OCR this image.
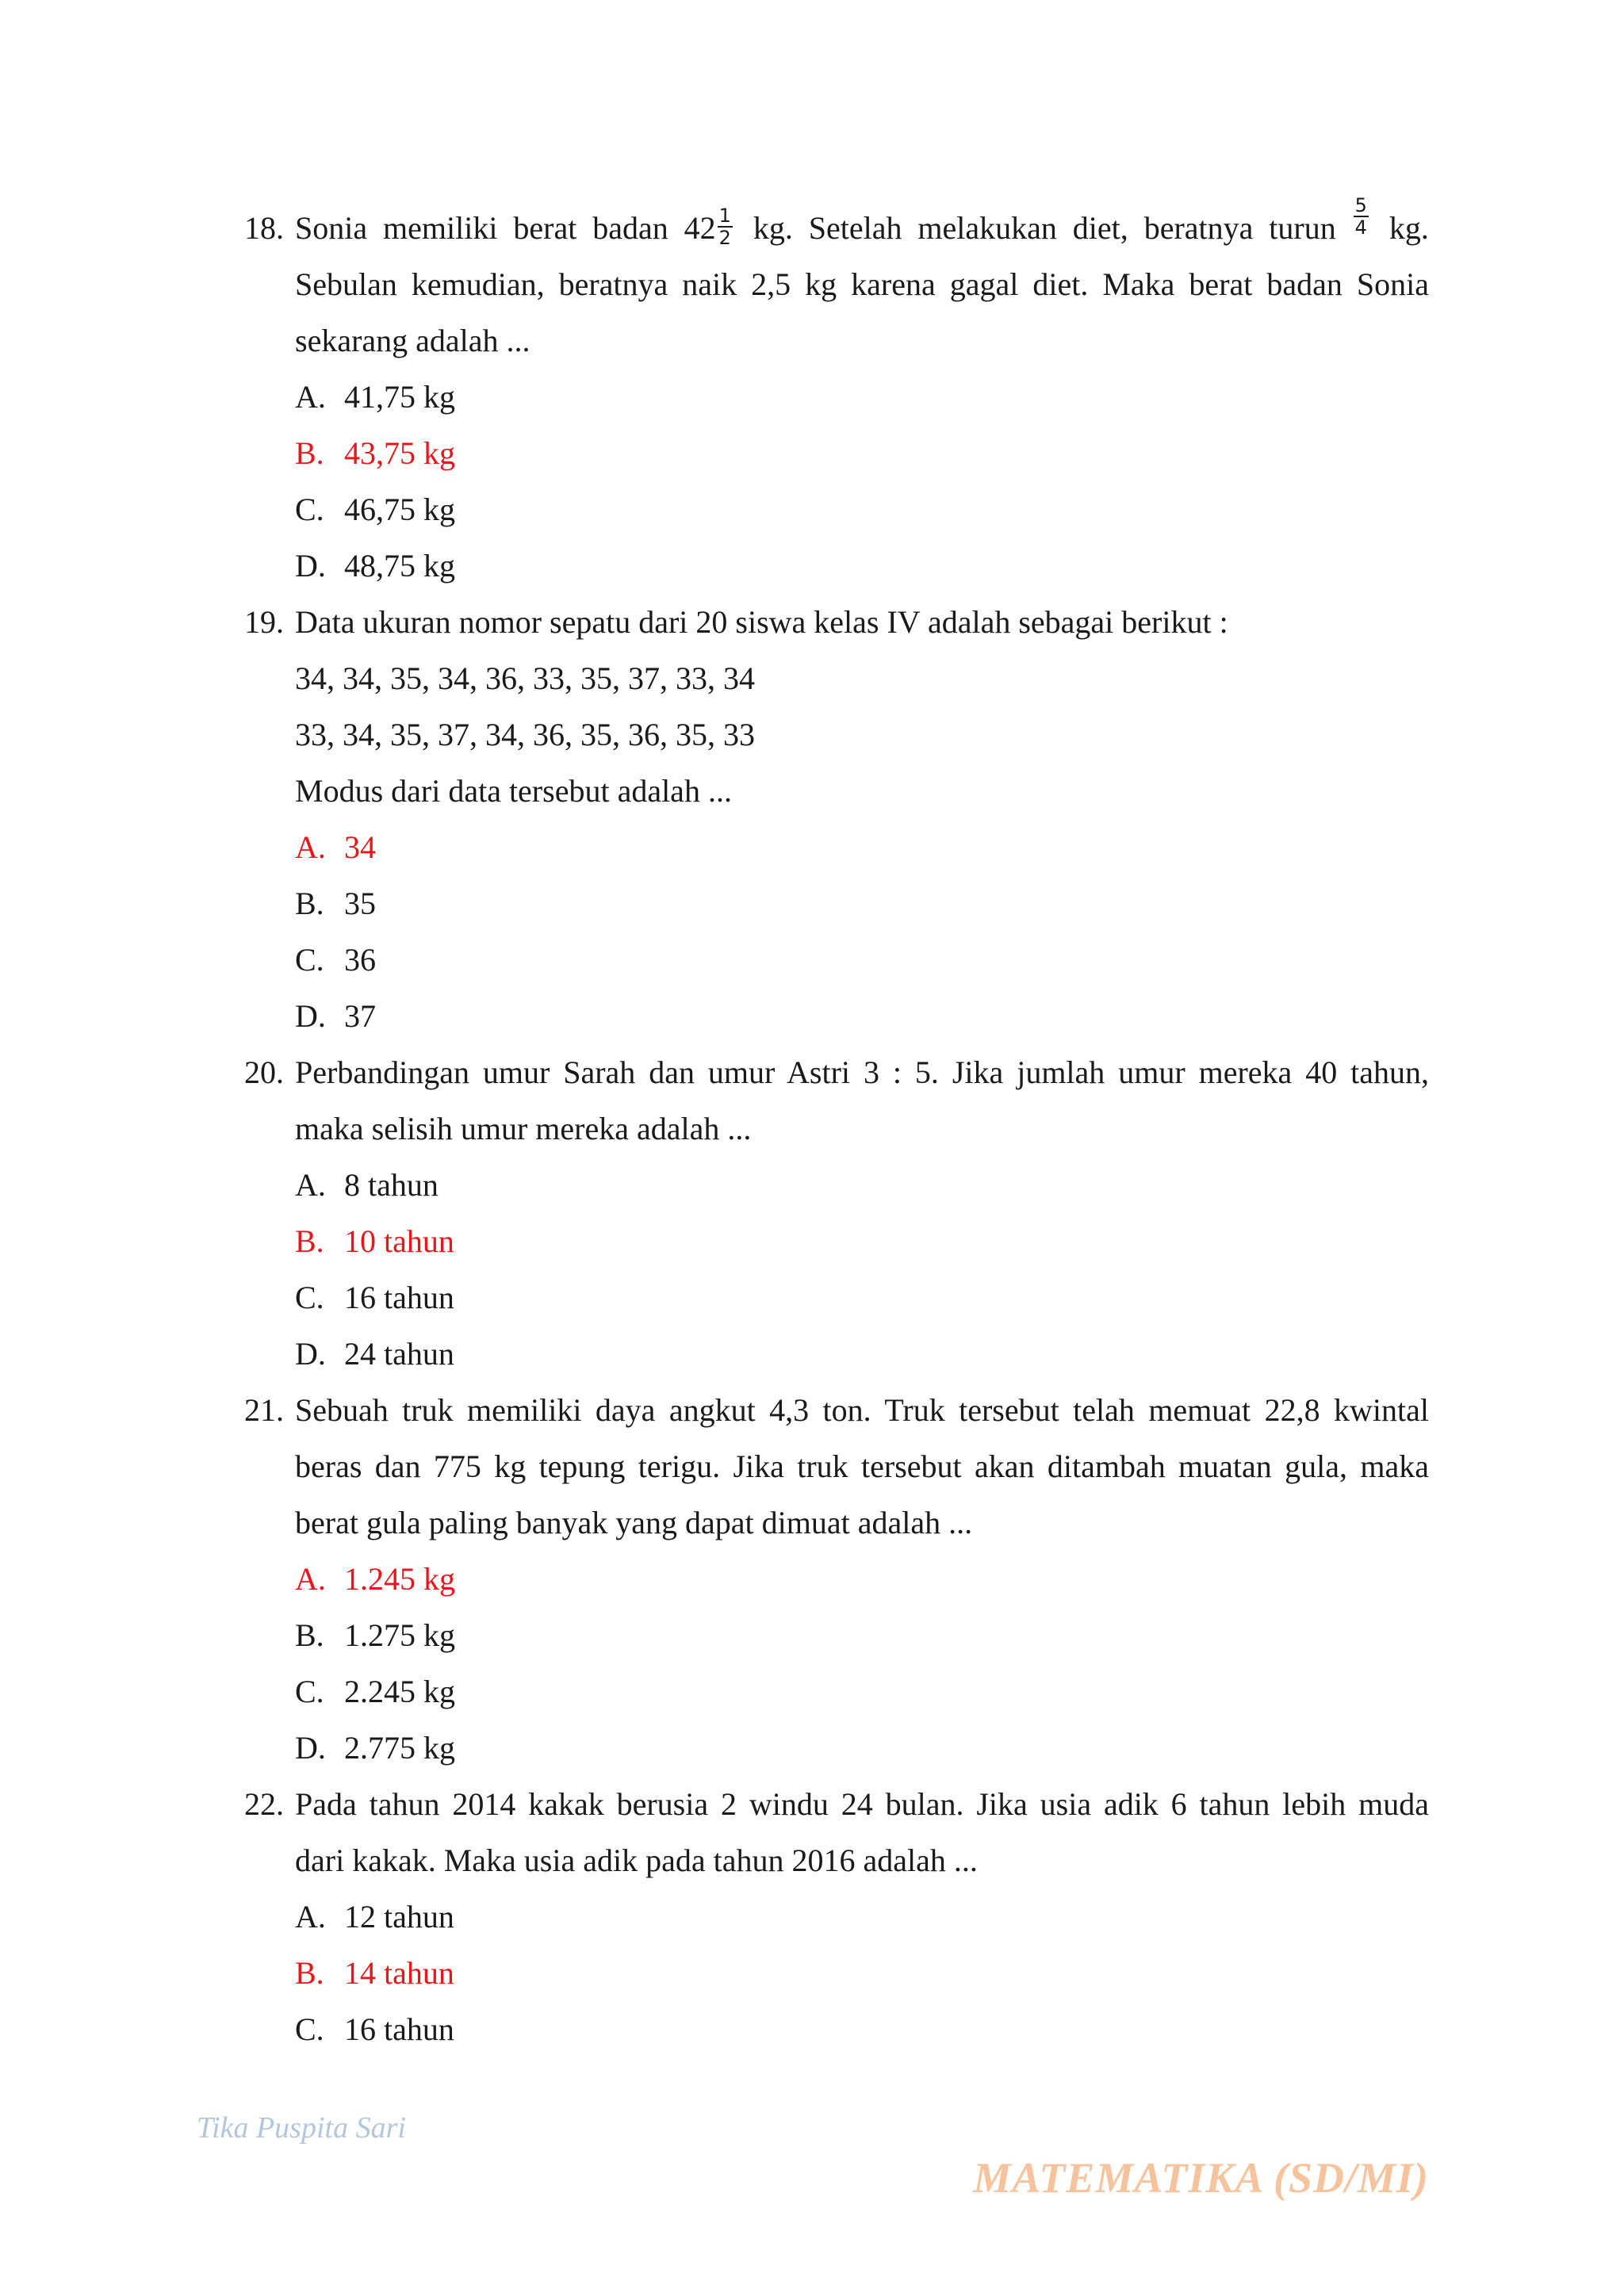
18. Sonia memiliki berat badan $42 \frac{1}{2}$ kg. Setelah melakukan diet, beratnya turun $\frac{5}{4}$ kg.
Sebulan kemudian, beratnya naik 2,5 kg karena gagal diet. Maka berat badan Sonia
sekarang adalah ...
A. 41,75 kg
B. 43,75 kg
C. 46,75 kg
D. 48,75 kg
19. Data ukuran nomor sepatu dari 20 siswa kelas IV adalah sebagai berikut :
34, 34, 35, 34, 36, 33, 35, 37, 33, 34
33, 34, 35, 37, 34, 36, 35, 36, 35, 33
Modus dari data tersebut adalah ...
A. 34
B. 35
C. 36
D. 37
20. Perbandingan umur Sarah dan umur Astri 3 : 5. Jika jumlah umur mereka 40 tahun,
maka selisih umur mereka adalah ...
A. 8 tahun
B. 10 tahun
C. 16 tahun
D. 24 tahun
21. Sebuah truk memiliki daya angkut 4,3 ton. Truk tersebut telah memuat 22,8 kwintal
beras dan 775 kg tepung terigu. Jika truk tersebut akan ditambah muatan gula, maka
berat gula paling banyak yang dapat dimuat adalah ...
A. 1.245 kg
B. 1.275 kg
C. 2.245 kg
D. 2.775 kg
22. Pada tahun 2014 kakak berusia 2 windu 24 bulan. Jika usia adik 6 tahun lebih muda
dari kakak. Maka usia adik pada tahun 2016 adalah ...
A. 12 tahun
B. 14 tahun
C. 16 tahun
Tika Puspita Sari
MATEMATIKA (SD/MI)
